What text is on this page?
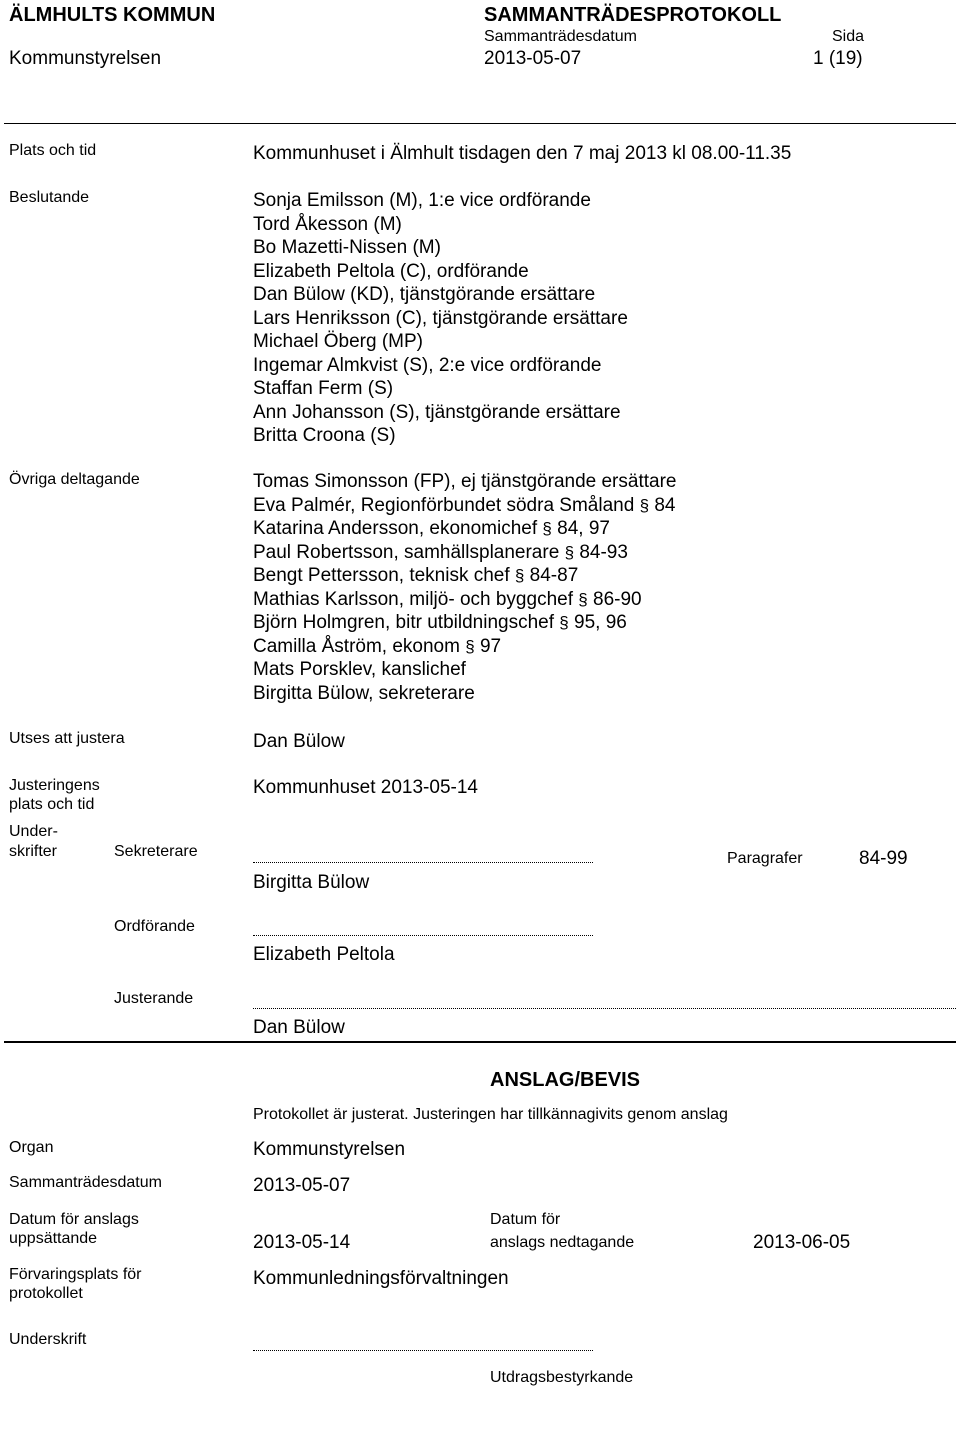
ÄLMHULTS KOMMUN
Kommunstyrelsen
SAMMANTRÄDESPROTOKOLL
Sammanträdesdatum
2013-05-07
Sida
1 (19)
Plats och tid	Kommunhuset i Älmhult tisdagen den 7 maj 2013 kl 08.00-11.35
Beslutande	Sonja Emilsson (M), 1:e vice ordförande
Tord Åkesson (M)
Bo Mazetti-Nissen (M)
Elizabeth Peltola (C), ordförande
Dan Bülow (KD), tjänstgörande ersättare
Lars Henriksson (C), tjänstgörande ersättare
Michael Öberg (MP)
Ingemar Almkvist (S), 2:e vice ordförande
Staffan Ferm (S)
Ann Johansson (S), tjänstgörande ersättare
Britta Croona (S)
Övriga deltagande	Tomas Simonsson (FP), ej tjänstgörande ersättare
Eva Palmér, Regionförbundet södra Småland § 84
Katarina Andersson, ekonomichef § 84, 97
Paul Robertsson, samhällsplanerare § 84-93
Bengt Pettersson, teknisk chef § 84-87
Mathias Karlsson, miljö- och byggchef § 86-90
Björn Holmgren, bitr utbildningschef § 95, 96
Camilla Åström, ekonom § 97
Mats Porsklev, kanslichef
Birgitta Bülow, sekreterare
Utses att justera	Dan Bülow
Justeringens
plats och tid
Kommunhuset 2013-05-14
Under-
skrifter	Sekreterare
Birgitta Bülow
Paragrafer	84-99
Ordförande
Elizabeth Peltola
Justerande
Dan Bülow
ANSLAG/BEVIS
Protokollet är justerat. Justeringen har tillkännagivits genom anslag
Organ	Kommunstyrelsen
Sammanträdesdatum	2013-05-07
Datum för anslags
uppsättande	2013-05-14
Datum för
anslags nedtagande	2013-06-05
Förvaringsplats för
protokollet
Kommunledningsförvaltningen
Underskrift
Utdragsbestyrkande
